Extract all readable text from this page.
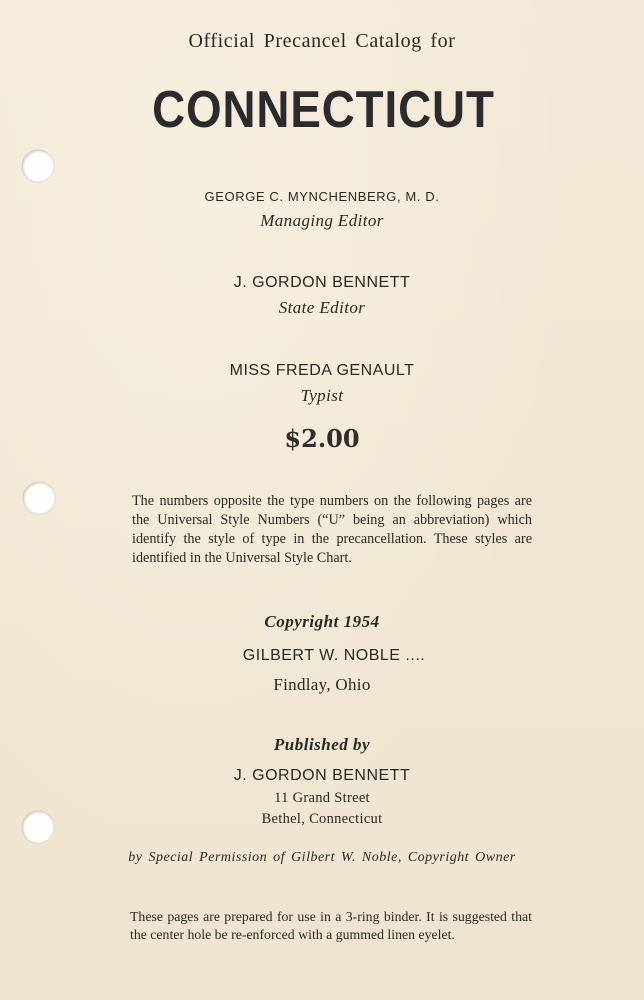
Official Precancel Catalog for
CONNECTICUT
GEORGE C. MYNCHENBERG, M. D.
Managing Editor
J. GORDON BENNETT
State Editor
MISS FREDA GENAULT
Typist
$2.00
The numbers opposite the type numbers on the following pages are the Universal Style Numbers (“U” being an abbreviation) which identify the style of type in the precancellation. These styles are identified in the Universal Style Chart.
Copyright 1954
GILBERT W. NOBLE ....
Findlay, Ohio
Published by
J. GORDON BENNETT
11 Grand Street
Bethel, Connecticut
by Special Permission of Gilbert W. Noble, Copyright Owner
These pages are prepared for use in a 3-ring binder. It is suggested that the center hole be re-enforced with a gummed linen eyelet.
